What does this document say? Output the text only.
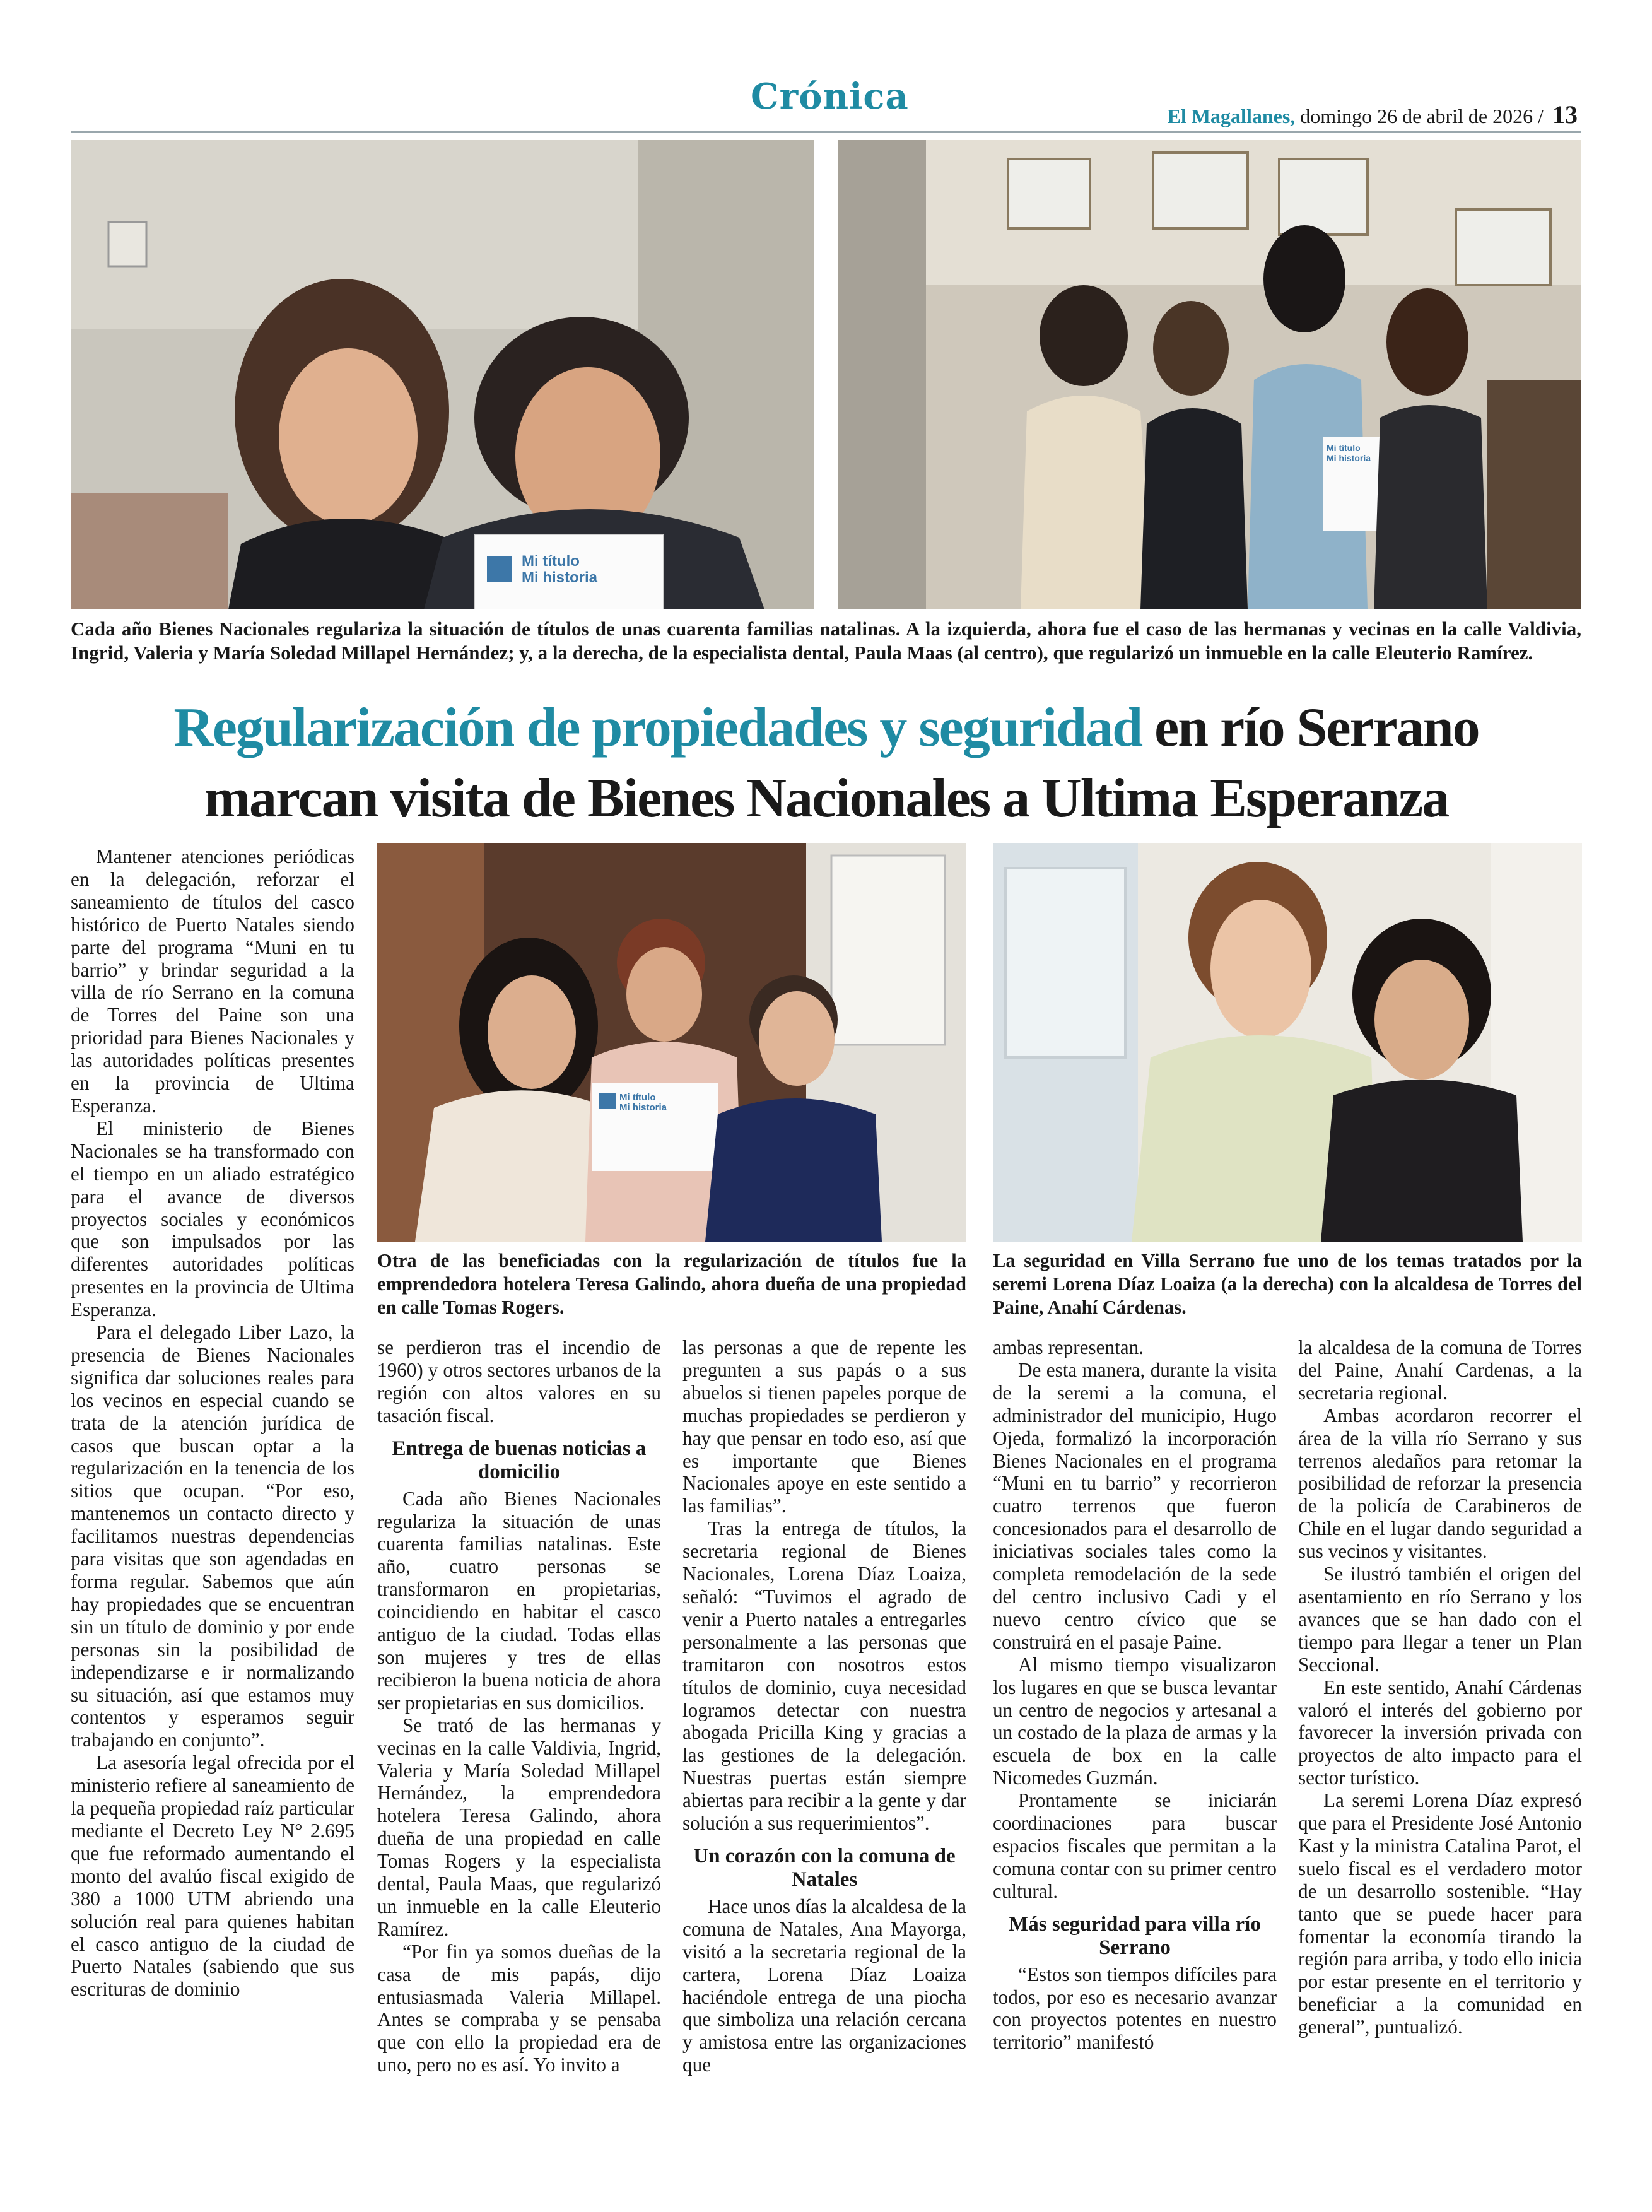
Crónica	El Magallanes, domingo 26 de abril de 2026 / 13
Mi título
Mi historia
Mi título
Mi historia
Cada año Bienes Nacionales regulariza la situación de títulos de unas cuarenta familias natalinas. A la izquierda, ahora fue el caso de las hermanas y vecinas en la calle Valdivia, Ingrid, Valeria y María Soledad Millapel Hernández; y, a la derecha, de la especialista dental, Paula Maas (al centro), que regularizó un inmueble en la calle Eleuterio Ramírez.
Regularización de propiedades y seguridad en río Serrano
marcan visita de Bienes Nacionales a Ultima Esperanza
Mi título
Mi historia
Otra de las beneficiadas con la regularización de títulos fue la emprendedora hotelera Teresa Galindo, ahora dueña de una propiedad en calle Tomas Rogers.
La seguridad en Villa Serrano fue uno de los temas tratados por la seremi Lorena Díaz Loaiza (a la derecha) con la alcaldesa de Torres del Paine, Anahí Cárdenas.

Mantener atenciones periódicas en la delegación, reforzar el saneamiento de títulos del casco histórico de Puerto Natales siendo parte del programa “Muni en tu barrio” y brindar seguridad a la villa de río Serrano en la comuna de Torres del Paine son una prioridad para Bienes Nacionales y las autoridades políticas presentes en la provincia de Ultima Esperanza.

El ministerio de Bienes Nacionales se ha transformado con el tiempo en un aliado estratégico para el avance de diversos proyectos sociales y económicos que son impulsados por las diferentes autoridades políticas presentes en la provincia de Ultima Esperanza.

Para el delegado Liber Lazo, la presencia de Bienes Nacionales significa dar soluciones reales para los vecinos en especial cuando se trata de la atención jurídica de casos que buscan optar a la regularización en la tenencia de los sitios que ocupan. “Por eso, mantenemos un contacto directo y facilitamos nuestras dependencias para visitas que son agendadas en forma regular. Sabemos que aún hay propiedades que se encuentran sin un título de dominio y por ende personas sin la posibilidad de independizarse e ir normalizando su situación, así que estamos muy contentos y esperamos seguir trabajando en conjunto”.

La asesoría legal ofrecida por el ministerio refiere al saneamiento de la pequeña propiedad raíz particular mediante el Decreto Ley N° 2.695 que fue reformado aumentando el monto del avalúo fiscal exigido de 380 a 1000 UTM abriendo una solución real para quienes habitan el casco antiguo de la ciudad de Puerto Natales (sabiendo que sus escrituras de dominio

se perdieron tras el incendio de 1960) y otros sectores urbanos de la región con altos valores en su tasación fiscal.

Entrega de buenas noticias a domicilio

Cada año Bienes Nacionales regulariza la situación de unas cuarenta familias natalinas. Este año, cuatro personas se transformaron en propietarias, coincidiendo en habitar el casco antiguo de la ciudad. Todas ellas son mujeres y tres de ellas recibieron la buena noticia de ahora ser propietarias en sus domicilios.

Se trató de las hermanas y vecinas en la calle Valdivia, Ingrid, Valeria y María Soledad Millapel Hernández, la emprendedora hotelera Teresa Galindo, ahora dueña de una propiedad en calle Tomas Rogers y la especialista dental, Paula Maas, que regularizó un inmueble en la calle Eleuterio Ramírez.

“Por fin ya somos dueñas de la casa de mis papás, dijo entusiasmada Valeria Millapel. Antes se compraba y se pensaba que con ello la propiedad era de uno, pero no es así. Yo invito a

las personas a que de repente les pregunten a sus papás o a sus abuelos si tienen papeles porque de muchas propiedades se perdieron y hay que pensar en todo eso, así que es importante que Bienes Nacionales apoye en este sentido a las familias”.

Tras la entrega de títulos, la secretaria regional de Bienes Nacionales, Lorena Díaz Loaiza, señaló: “Tuvimos el agrado de venir a Puerto natales a entregarles personalmente a las personas que tramitaron con nosotros estos títulos de dominio, cuya necesidad logramos detectar con nuestra abogada Pricilla King y gracias a las gestiones de la delegación. Nuestras puertas están siempre abiertas para recibir a la gente y dar solución a sus requerimientos”.

Un corazón con la comuna de Natales

Hace unos días la alcaldesa de la comuna de Natales, Ana Mayorga, visitó a la secretaria regional de la cartera, Lorena Díaz Loaiza haciéndole entrega de una piocha que simboliza una relación cercana y amistosa entre las organizaciones que

ambas representan.

De esta manera, durante la visita de la seremi a la comuna, el administrador del municipio, Hugo Ojeda, formalizó la incorporación Bienes Nacionales en el programa “Muni en tu barrio” y recorrieron cuatro terrenos que fueron concesionados para el desarrollo de iniciativas sociales tales como la completa remodelación de la sede del centro inclusivo Cadi y el nuevo centro cívico que se construirá en el pasaje Paine.

Al mismo tiempo visualizaron los lugares en que se busca levantar un centro de negocios y artesanal a un costado de la plaza de armas y la escuela de box en la calle Nicomedes Guzmán.

Prontamente se iniciarán coordinaciones para buscar espacios fiscales que permitan a la comuna contar con su primer centro cultural.

Más seguridad para villa río Serrano

“Estos son tiempos difíciles para todos, por eso es necesario avanzar con proyectos potentes en nuestro territorio” manifestó

la alcaldesa de la comuna de Torres del Paine, Anahí Cardenas, a la secretaria regional.

Ambas acordaron recorrer el área de la villa río Serrano y sus terrenos aledaños para retomar la posibilidad de reforzar la presencia de la policía de Carabineros de Chile en el lugar dando seguridad a sus vecinos y visitantes.

Se ilustró también el origen del asentamiento en río Serrano y los avances que se han dado con el tiempo para llegar a tener un Plan Seccional.

En este sentido, Anahí Cárdenas valoró el interés del gobierno por favorecer la inversión privada con proyectos de alto impacto para el sector turístico.

La seremi Lorena Díaz expresó que para el Presidente José Antonio Kast y la ministra Catalina Parot, el suelo fiscal es el verdadero motor de un desarrollo sostenible. “Hay tanto que se puede hacer para fomentar la economía tirando la región para arriba, y todo ello inicia por estar presente en el territorio y beneficiar a la comunidad en general”, puntualizó.
